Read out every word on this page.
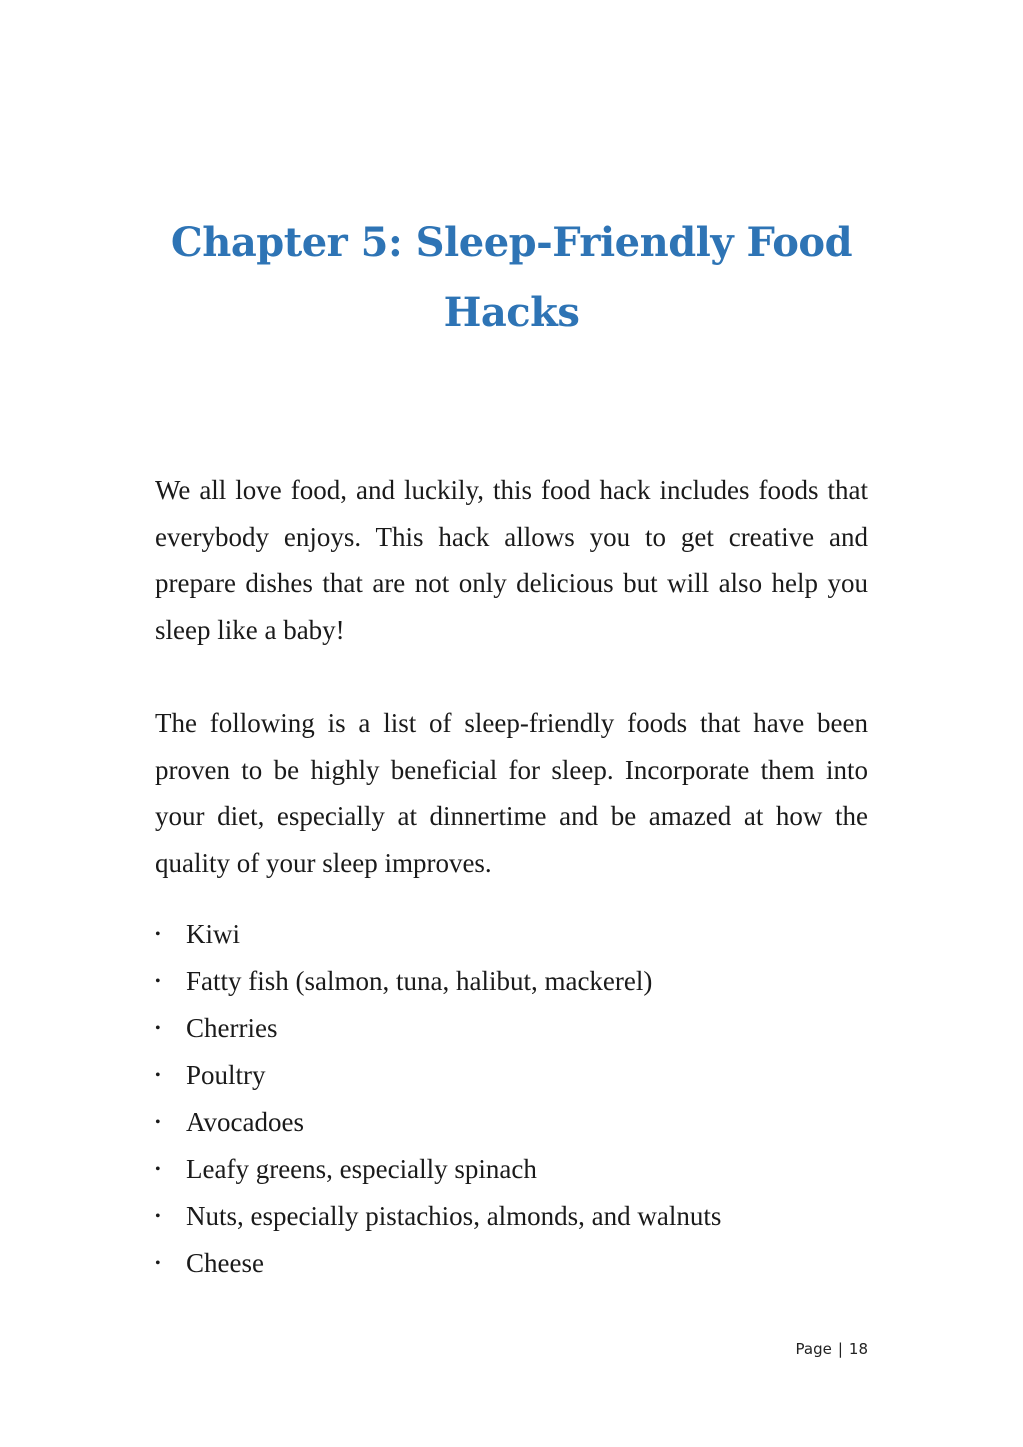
Chapter 5: Sleep-Friendly Food Hacks

We all love food, and luckily, this food hack includes foods that everybody enjoys. This hack allows you to get creative and prepare dishes that are not only delicious but will also help you sleep like a baby!

The following is a list of sleep-friendly foods that have been proven to be highly beneficial for sleep. Incorporate them into your diet, especially at dinnertime and be amazed at how the quality of your sleep improves.

• Kiwi
• Fatty fish (salmon, tuna, halibut, mackerel)
• Cherries
• Poultry
• Avocadoes
• Leafy greens, especially spinach
• Nuts, especially pistachios, almonds, and walnuts
• Cheese
Page | 18
